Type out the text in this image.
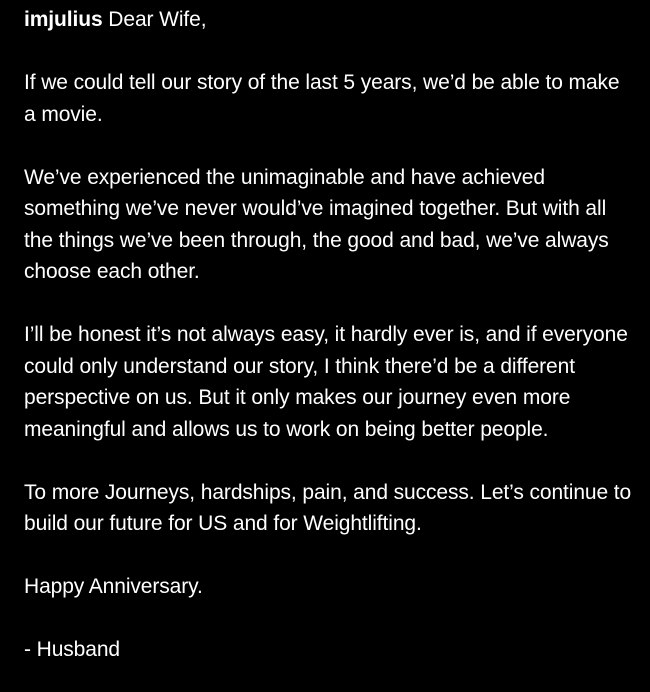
imjulius Dear Wife,

If we could tell our story of the last 5 years, we’d be able to make a movie.

We’ve experienced the unimaginable and have achieved something we’ve never would’ve imagined together. But with all the things we’ve been through, the good and bad, we’ve always choose each other.

I’ll be honest it’s not always easy, it hardly ever is, and if everyone could only understand our story, I think there’d be a different perspective on us. But it only makes our journey even more meaningful and allows us to work on being better people.

To more Journeys, hardships, pain, and success. Let’s continue to build our future for US and for Weightlifting.

Happy Anniversary.

- Husband
